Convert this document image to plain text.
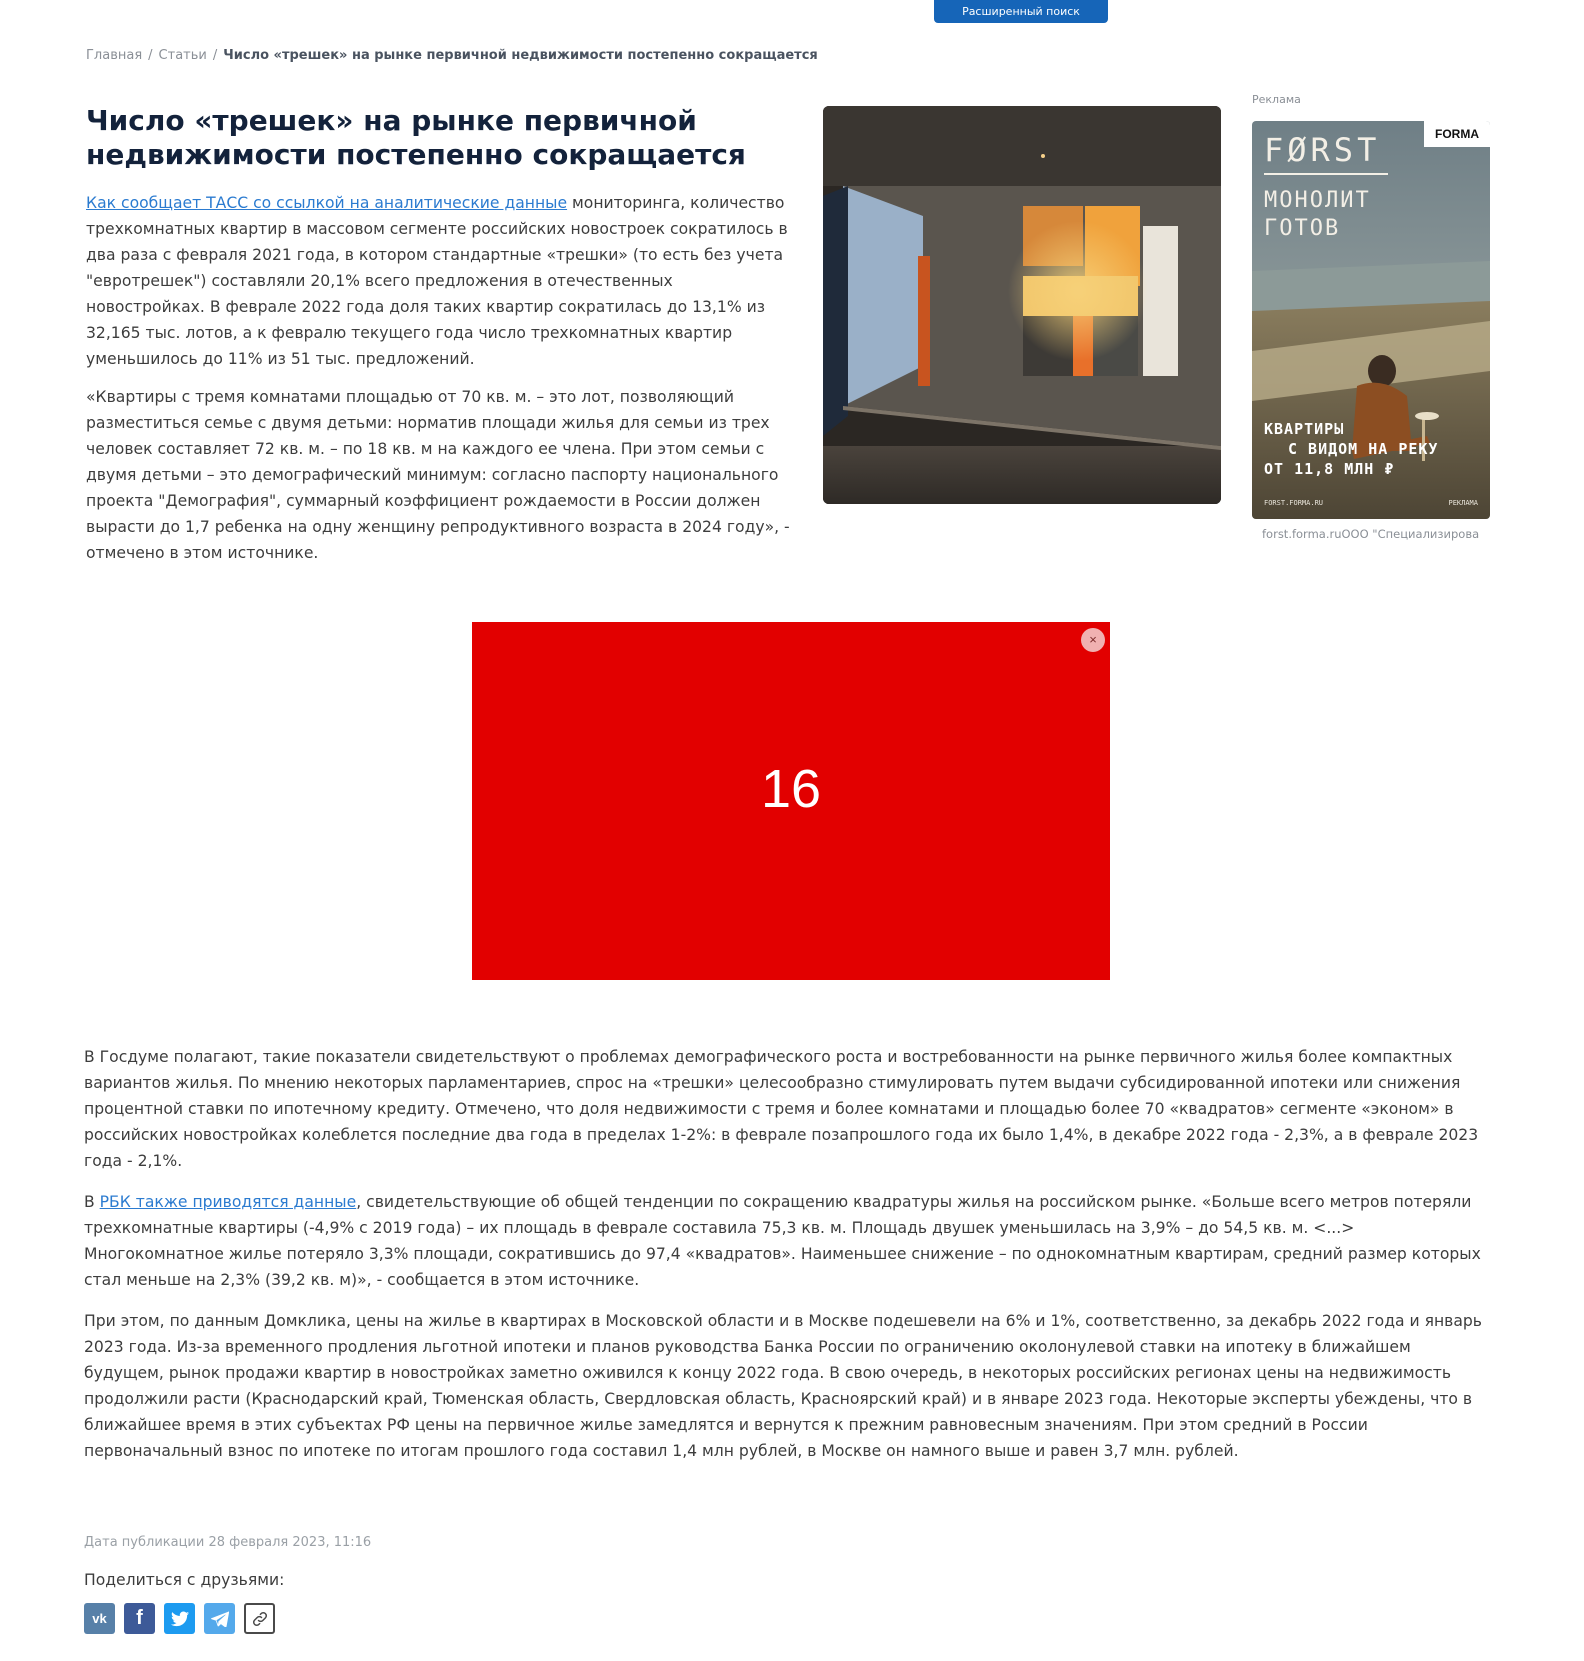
Расширенный поиск
Главная / Статьи / Число «трешек» на рынке первичной недвижимости постепенно сокращается
Число «трешек» на рынке первичной недвижимости постепенно сокращается

Как сообщает ТАСС со ссылкой на аналитические данные мониторинга, количество трехкомнатных квартир в массовом сегменте российских новостроек сократилось в два раза с февраля 2021 года, в котором стандартные «трешки» (то есть без учета "евротрешек") составляли 20,1% всего предложения в отечественных новостройках. В феврале 2022 года доля таких квартир сократилась до 13,1% из 32,165 тыс. лотов, а к февралю текущего года число трехкомнатных квартир уменьшилось до 11% из 51 тыс. предложений.

«Квартиры с тремя комнатами площадью от 70 кв. м. – это лот, позволяющий разместиться семье с двумя детьми: норматив площади жилья для семьи из трех человек составляет 72 кв. м. – по 18 кв. м на каждого ее члена. При этом семьи с двумя детьми – это демографический минимум: согласно паспорту национального проекта "Демография", суммарный коэффициент рождаемости в России должен вырасти до 1,7 ребенка на одну женщину репродуктивного возраста в 2024 году», - отмечено в этом источнике.

Реклама
FØRST	FORMA
МОНОЛИТ
ГОТОВ
КВАРТИРЫ
С ВИДОМ НА РЕКУ
ОТ 11,8 МЛН ₽
FORST.FORMA.RU	РЕКЛАМА
forst.forma.ruООО "Специализирова
16
×

В Госдуме полагают, такие показатели свидетельствуют о проблемах демографического роста и востребованности на рынке первичного жилья более компактных вариантов жилья. По мнению некоторых парламентариев, спрос на «трешки» целесообразно стимулировать путем выдачи субсидированной ипотеки или снижения процентной ставки по ипотечному кредиту. Отмечено, что доля недвижимости с тремя и более комнатами и площадью более 70 «квадратов» сегменте «эконом» в российских новостройках колеблется последние два года в пределах 1-2%: в феврале позапрошлого года их было 1,4%, в декабре 2022 года - 2,3%, а в феврале 2023 года - 2,1%.

В РБК также приводятся данные, свидетельствующие об общей тенденции по сокращению квадратуры жилья на российском рынке. «Больше всего метров потеряли трехкомнатные квартиры (-4,9% с 2019 года) – их площадь в феврале составила 75,3 кв. м. Площадь двушек уменьшилась на 3,9% – до 54,5 кв. м. <...> Многокомнатное жилье потеряло 3,3% площади, сократившись до 97,4 «квадратов». Наименьшее снижение – по однокомнатным квартирам, средний размер которых стал меньше на 2,3% (39,2 кв. м)», - сообщается в этом источнике.

При этом, по данным Домклика, цены на жилье в квартирах в Московской области и в Москве подешевели на 6% и 1%, соответственно, за декабрь 2022 года и январь 2023 года. Из-за временного продления льготной ипотеки и планов руководства Банка России по ограничению околонулевой ставки на ипотеку в ближайшем будущем, рынок продажи квартир в новостройках заметно оживился к концу 2022 года. В свою очередь, в некоторых российских регионах цены на недвижимость продолжили расти (Краснодарский край, Тюменская область, Свердловская область, Красноярский край) и в январе 2023 года. Некоторые эксперты убеждены, что в ближайшее время в этих субъектах РФ цены на первичное жилье замедлятся и вернутся к прежним равновесным значениям. При этом средний в России первоначальный взнос по ипотеке по итогам прошлого года составил 1,4 млн рублей, в Москве он намного выше и равен 3,7 млн. рублей.

Дата публикации 28 февраля 2023, 11:16
Поделиться с друзьями:
vk f
